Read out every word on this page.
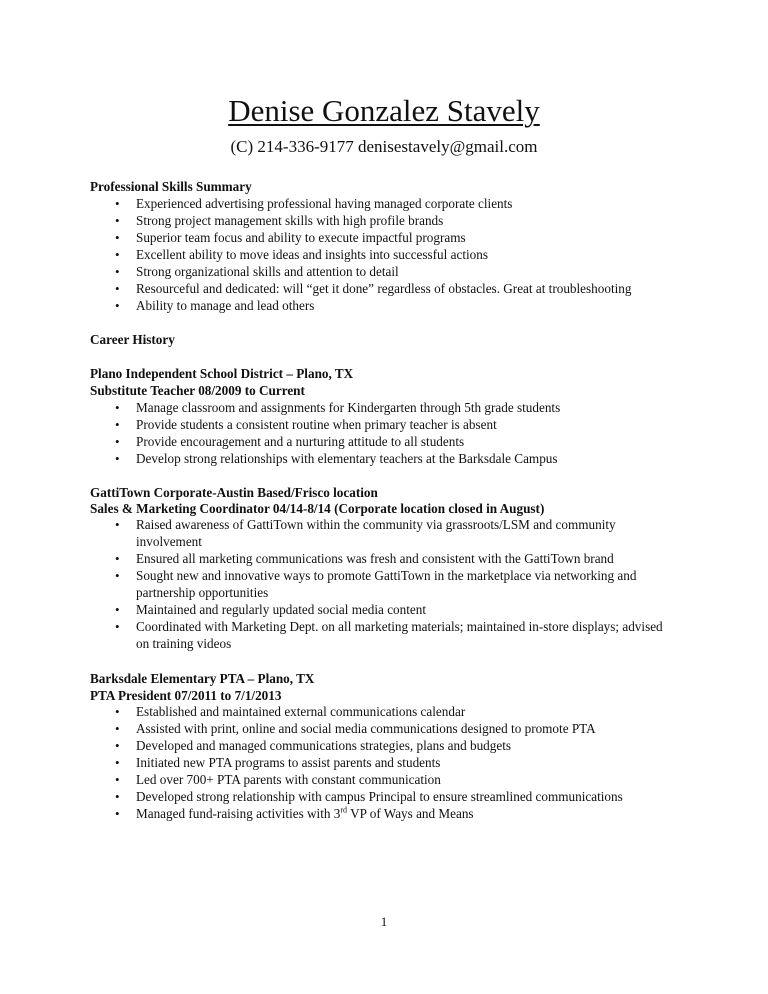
Denise Gonzalez Stavely
(C) 214-336-9177 denisestavely@gmail.com
Professional Skills Summary
• Experienced advertising professional having managed corporate clients
• Strong project management skills with high profile brands
• Superior team focus and ability to execute impactful programs
• Excellent ability to move ideas and insights into successful actions
• Strong organizational skills and attention to detail
• Resourceful and dedicated: will “get it done” regardless of obstacles. Great at troubleshooting
• Ability to manage and lead others
Career History
Plano Independent School District – Plano, TX
Substitute Teacher 08/2009 to Current
• Manage classroom and assignments for Kindergarten through 5th grade students
• Provide students a consistent routine when primary teacher is absent
• Provide encouragement and a nurturing attitude to all students
• Develop strong relationships with elementary teachers at the Barksdale Campus
GattiTown Corporate-Austin Based/Frisco location
Sales & Marketing Coordinator 04/14-8/14 (Corporate location closed in August)
• Raised awareness of GattiTown within the community via grassroots/LSM and community involvement
• Ensured all marketing communications was fresh and consistent with the GattiTown brand
• Sought new and innovative ways to promote GattiTown in the marketplace via networking and partnership opportunities
• Maintained and regularly updated social media content
• Coordinated with Marketing Dept. on all marketing materials; maintained in-store displays; advised on training videos
Barksdale Elementary PTA – Plano, TX
PTA President 07/2011 to 7/1/2013
• Established and maintained external communications calendar
• Assisted with print, online and social media communications designed to promote PTA
• Developed and managed communications strategies, plans and budgets
• Initiated new PTA programs to assist parents and students
• Led over 700+ PTA parents with constant communication
• Developed strong relationship with campus Principal to ensure streamlined communications
• Managed fund-raising activities with 3rd VP of Ways and Means
1
